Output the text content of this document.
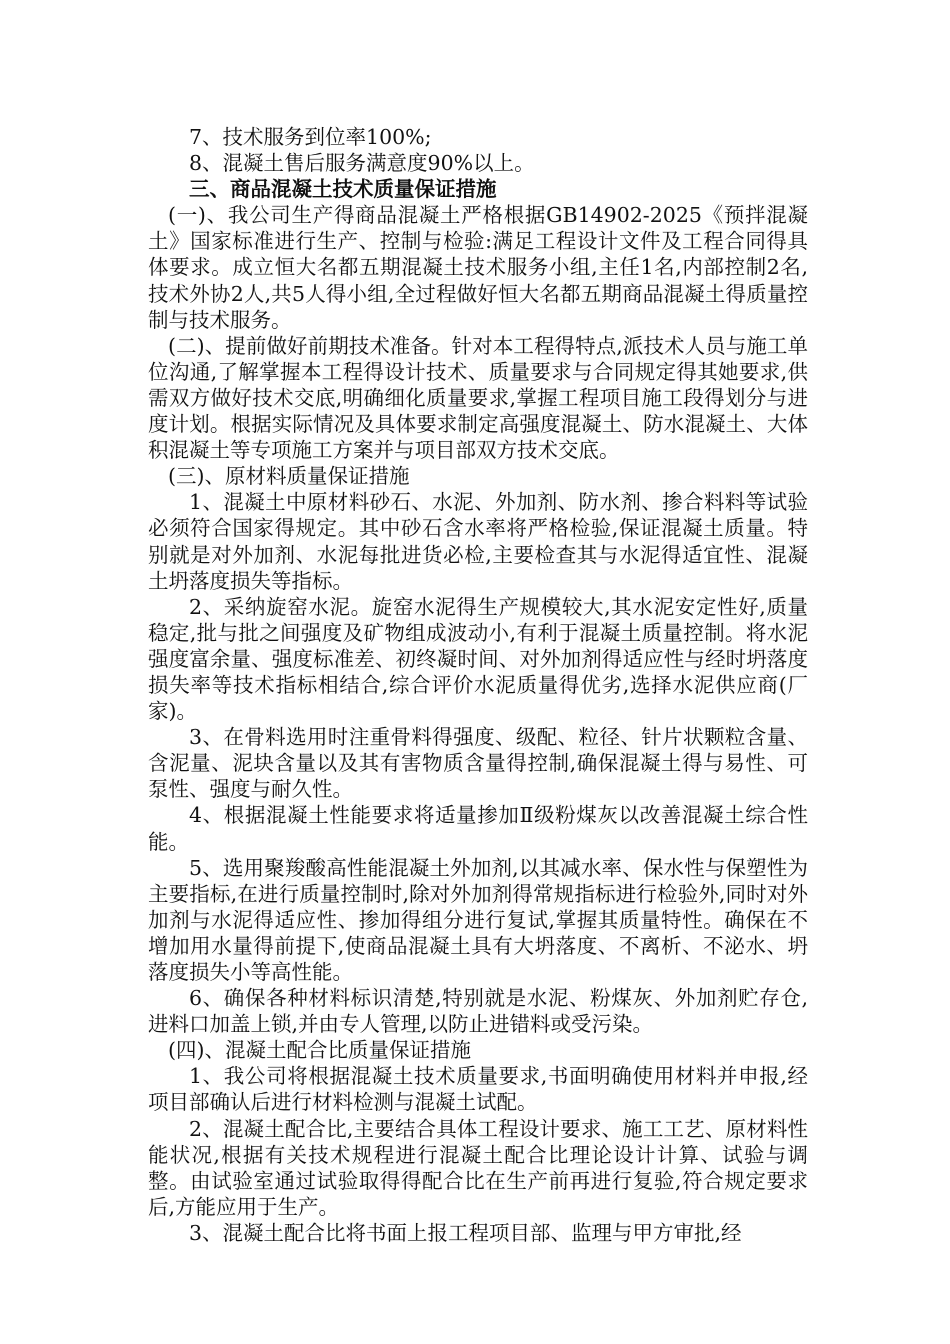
7、技术服务到位率100%;

8、混凝土售后服务满意度90%以上。

三、商品混凝土技术质量保证措施

(一)、我公司生产得商品混凝土严格根据GB14902-2025《预拌混凝土》国家标准进行生产、控制与检验:满足工程设计文件及工程合同得具体要求。成立恒大名都五期混凝土技术服务小组,主任1名,内部控制2名,技术外协2人,共5人得小组,全过程做好恒大名都五期商品混凝土得质量控制与技术服务。

(二)、提前做好前期技术准备。针对本工程得特点,派技术人员与施工单位沟通,了解掌握本工程得设计技术、质量要求与合同规定得其她要求,供需双方做好技术交底,明确细化质量要求,掌握工程项目施工段得划分与进度计划。根据实际情况及具体要求制定高强度混凝土、防水混凝土、大体积混凝土等专项施工方案并与项目部双方技术交底。

(三)、原材料质量保证措施

1、混凝土中原材料砂石、水泥、外加剂、防水剂、掺合料料等试验必须符合国家得规定。其中砂石含水率将严格检验,保证混凝土质量。特别就是对外加剂、水泥每批进货必检,主要检查其与水泥得适宜性、混凝土坍落度损失等指标。

2、采纳旋窑水泥。旋窑水泥得生产规模较大,其水泥安定性好,质量稳定,批与批之间强度及矿物组成波动小,有利于混凝土质量控制。将水泥强度富余量、强度标准差、初终凝时间、对外加剂得适应性与经时坍落度损失率等技术指标相结合,综合评价水泥质量得优劣,选择水泥供应商(厂家)。

3、在骨料选用时注重骨料得强度、级配、粒径、针片状颗粒含量、含泥量、泥块含量以及其有害物质含量得控制,确保混凝土得与易性、可泵性、强度与耐久性。

4、根据混凝土性能要求将适量掺加Ⅱ级粉煤灰以改善混凝土综合性能。

5、选用聚羧酸高性能混凝土外加剂,以其减水率、保水性与保塑性为主要指标,在进行质量控制时,除对外加剂得常规指标进行检验外,同时对外加剂与水泥得适应性、掺加得组分进行复试,掌握其质量特性。确保在不增加用水量得前提下,使商品混凝土具有大坍落度、不离析、不泌水、坍落度损失小等高性能。

6、确保各种材料标识清楚,特别就是水泥、粉煤灰、外加剂贮存仓,进料口加盖上锁,并由专人管理,以防止进错料或受污染。

(四)、混凝土配合比质量保证措施

1、我公司将根据混凝土技术质量要求,书面明确使用材料并申报,经项目部确认后进行材料检测与混凝土试配。

2、混凝土配合比,主要结合具体工程设计要求、施工工艺、原材料性能状况,根据有关技术规程进行混凝土配合比理论设计计算、试验与调整。由试验室通过试验取得得配合比在生产前再进行复验,符合规定要求后,方能应用于生产。

3、混凝土配合比将书面上报工程项目部、监理与甲方审批,经
